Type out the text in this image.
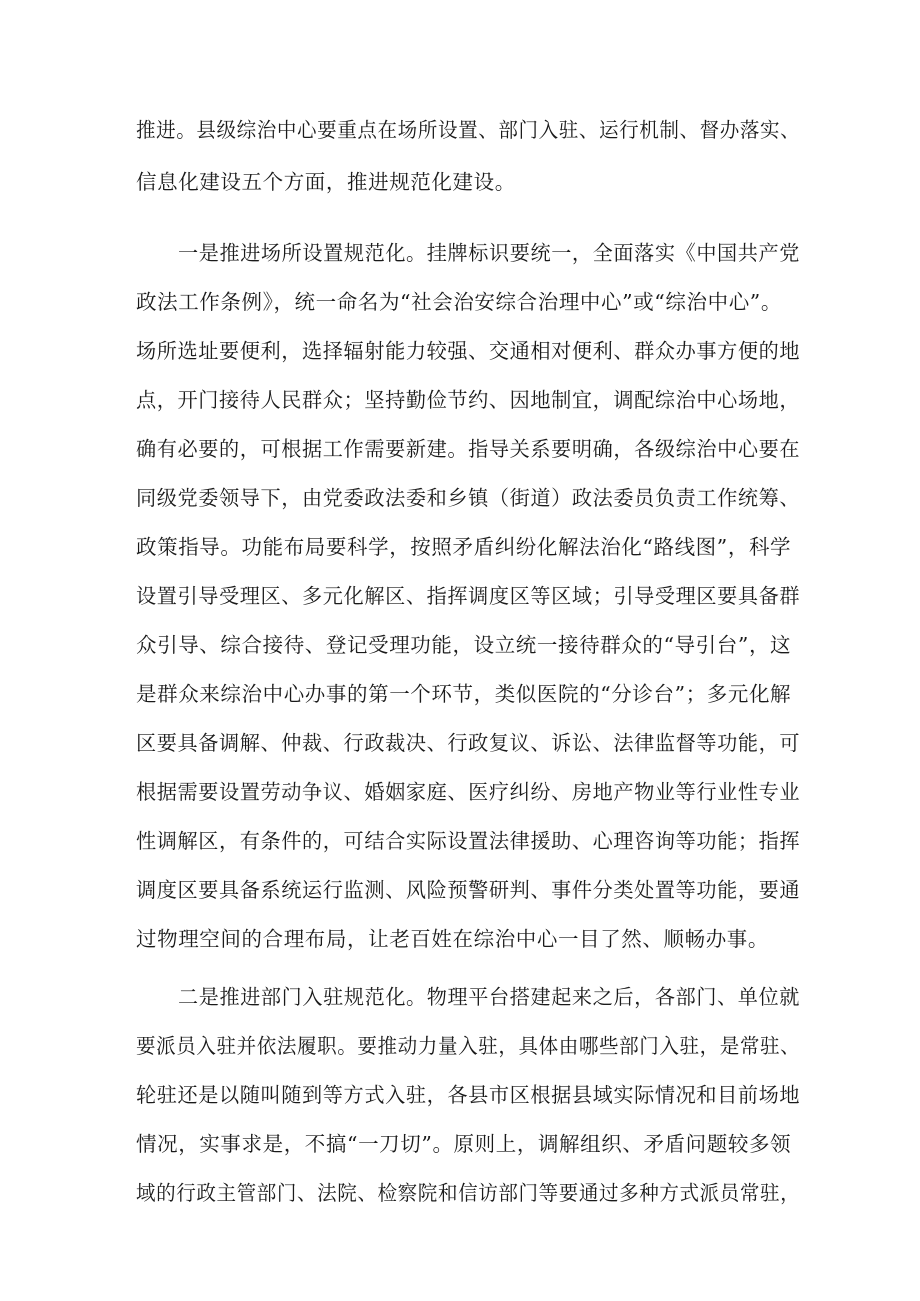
推进。县级综治中心要重点在场所设置、部门入驻、运行机制、督办落实、
信息化建设五个方面，推进规范化建设。
一是推进场所设置规范化。挂牌标识要统一，全面落实《中国共产党
政法工作条例》，统一命名为“社会治安综合治理中心”或“综治中心”。
场所选址要便利，选择辐射能力较强、交通相对便利、群众办事方便的地
点，开门接待人民群众；坚持勤俭节约、因地制宜，调配综治中心场地，
确有必要的，可根据工作需要新建。指导关系要明确，各级综治中心要在
同级党委领导下，由党委政法委和乡镇（街道）政法委员负责工作统筹、
政策指导。功能布局要科学，按照矛盾纠纷化解法治化“路线图”，科学
设置引导受理区、多元化解区、指挥调度区等区域；引导受理区要具备群
众引导、综合接待、登记受理功能，设立统一接待群众的“导引台”，这
是群众来综治中心办事的第一个环节，类似医院的“分诊台”；多元化解
区要具备调解、仲裁、行政裁决、行政复议、诉讼、法律监督等功能，可
根据需要设置劳动争议、婚姻家庭、医疗纠纷、房地产物业等行业性专业
性调解区，有条件的，可结合实际设置法律援助、心理咨询等功能；指挥
调度区要具备系统运行监测、风险预警研判、事件分类处置等功能，要通
过物理空间的合理布局，让老百姓在综治中心一目了然、顺畅办事。
二是推进部门入驻规范化。物理平台搭建起来之后，各部门、单位就
要派员入驻并依法履职。要推动力量入驻，具体由哪些部门入驻，是常驻、
轮驻还是以随叫随到等方式入驻，各县市区根据县域实际情况和目前场地
情况，实事求是，不搞“一刀切”。原则上，调解组织、矛盾问题较多领
域的行政主管部门、法院、检察院和信访部门等要通过多种方式派员常驻，
